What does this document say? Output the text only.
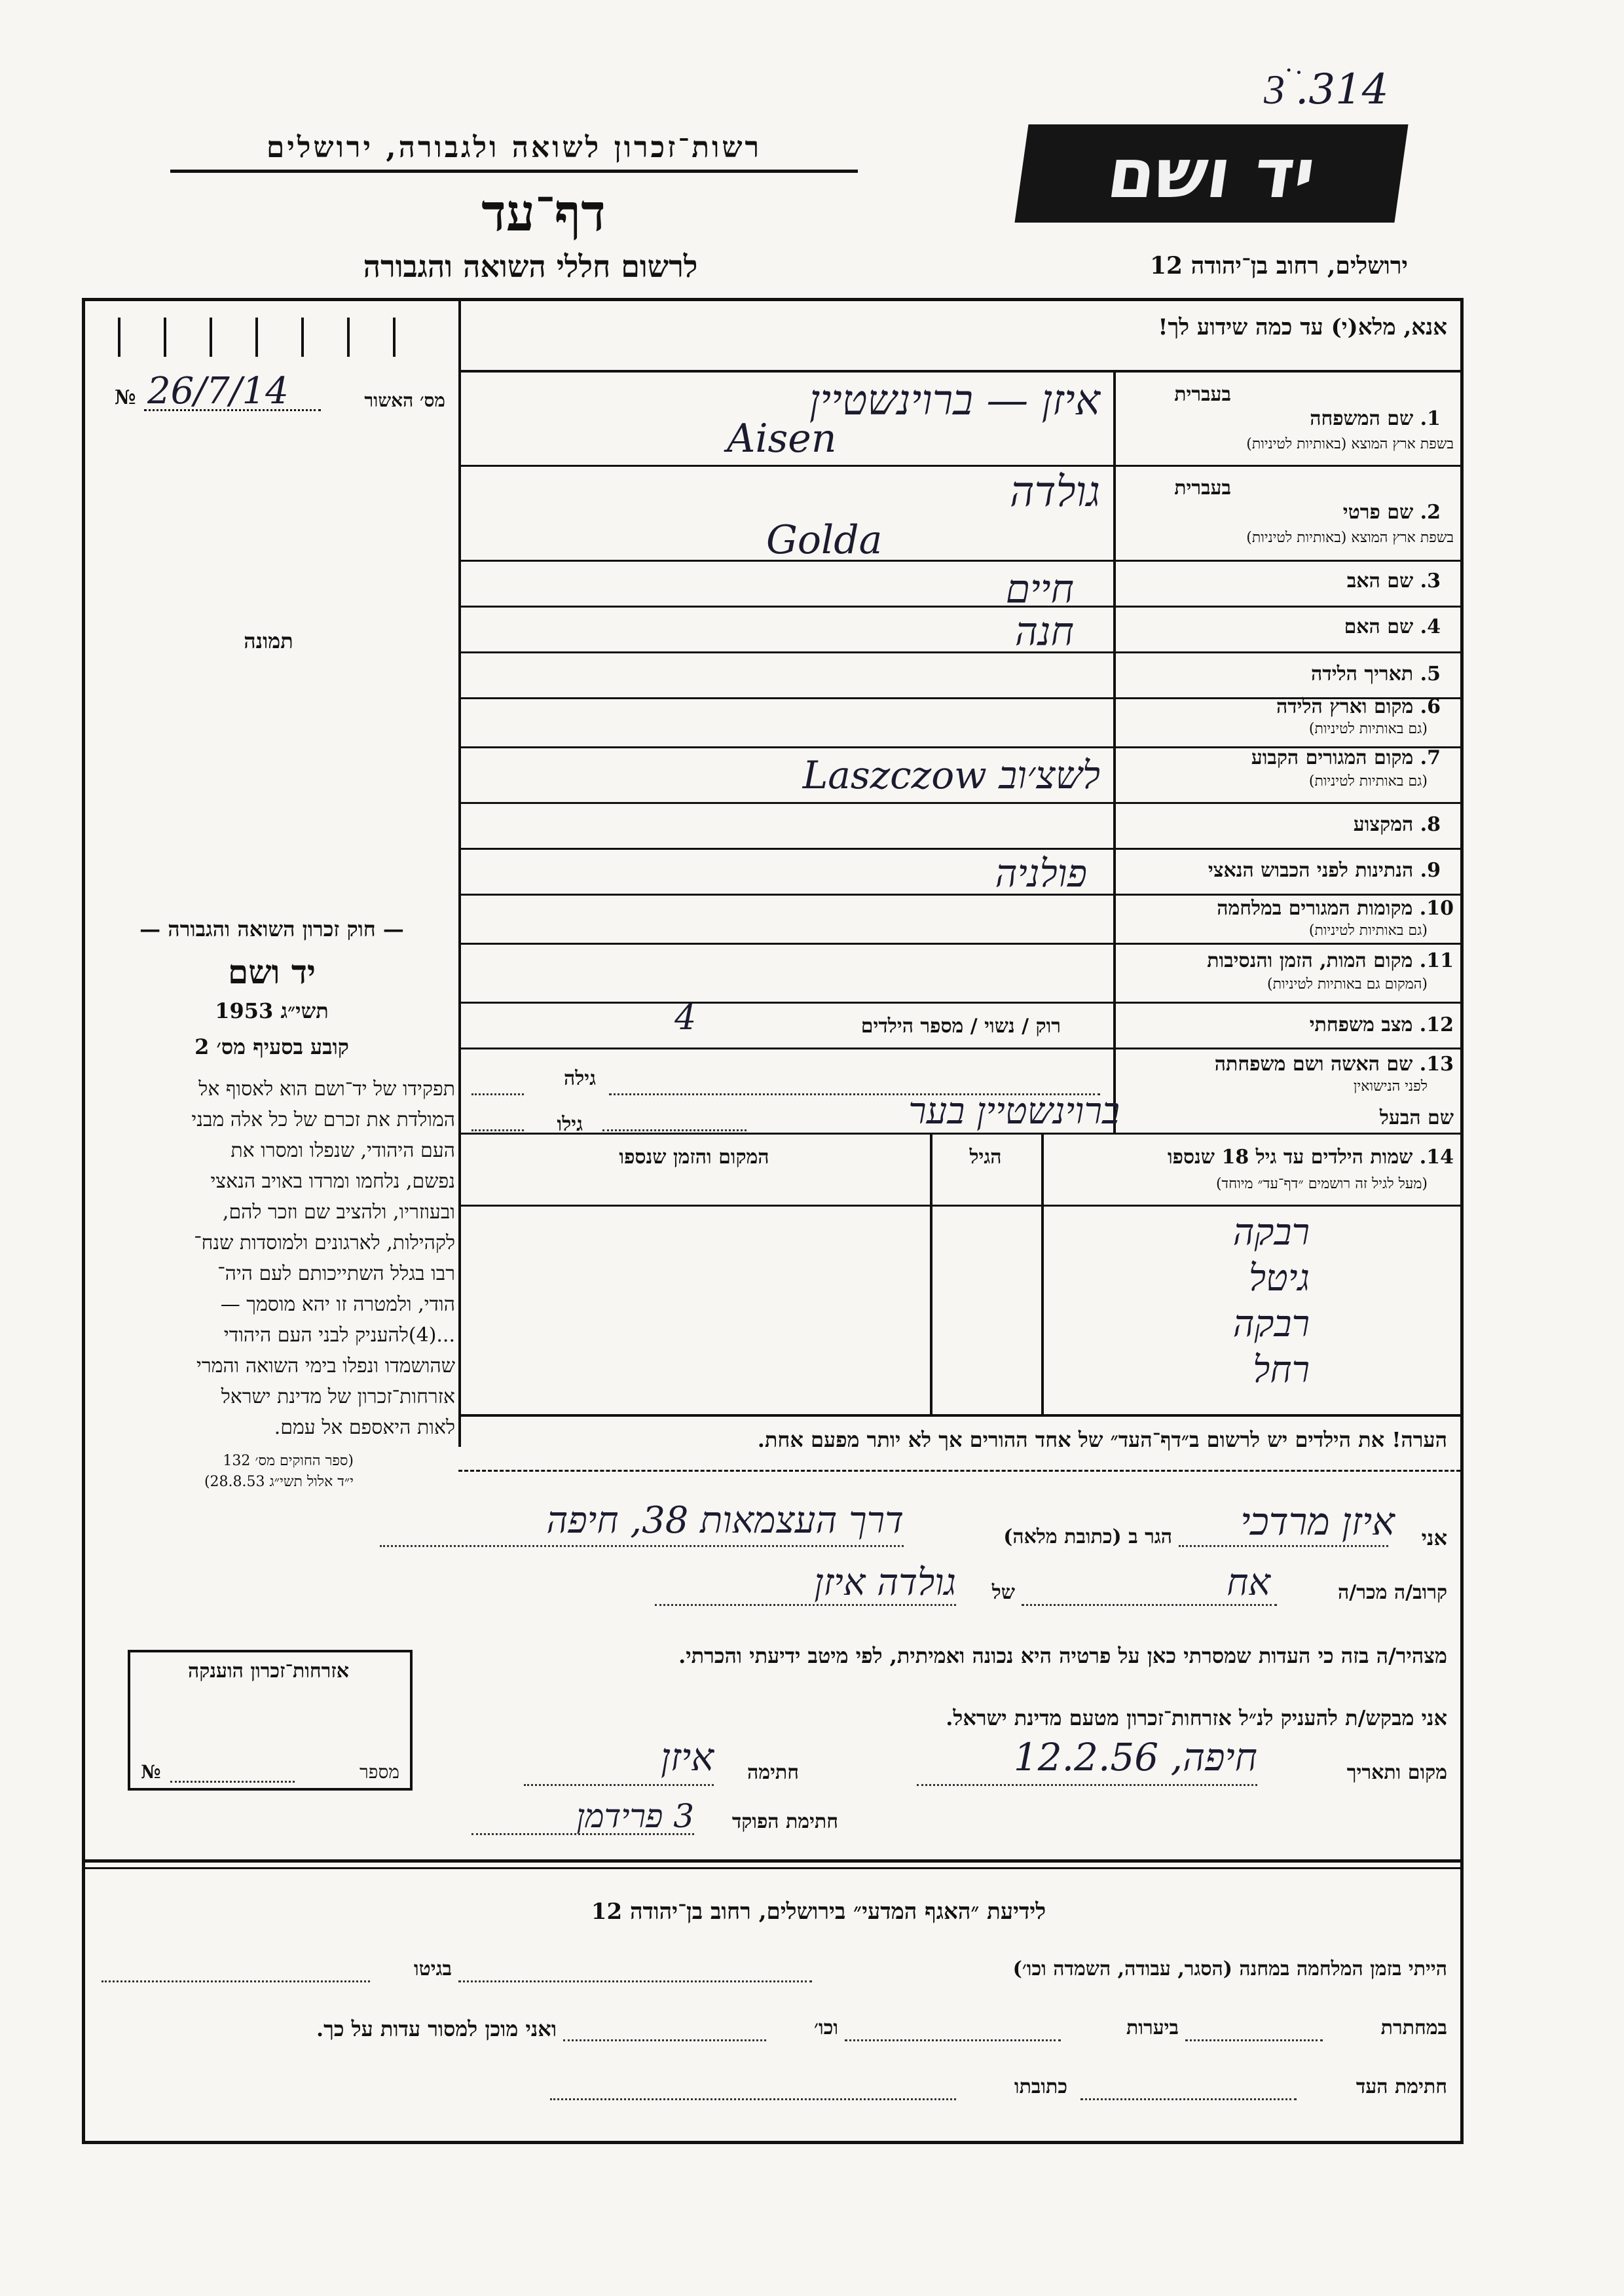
3ׄ ׂ.314
רשות־זכרון לשואה ולגבורה, ירושלים
דף־עד
לרשום חללי השואה והגבורה
יד ושם
ירושלים, רחוב בן־יהודה 12
מס׳ האשור
26/7/14
№
תמונה
— חוק זכרון השואה והגבורה —
יד ושם
תשי״ג 1953
קובע בסעיף מס׳ 2
תפקידו של יד־ושם הוא לאסוף אל
המולדת את זכרם של כל אלה מבני
העם היהודי, שנפלו ומסרו את
נפשם, נלחמו ומרדו באויב הנאצי
ובעוזריו, ולהציב שם וזכר להם,
לקהילות, לארגונים ולמוסדות שנח־
רבו בגלל השתייכותם לעם היה־
הודי, ולמטרה זו יהא מוסמך —
...(4)להעניק לבני העם היהודי
שהושמדו ונפלו בימי השואה והמרי
אזרחות־זכרון של מדינת ישראל
לאות היאספם אל עמם.
(ספר החוקים מס׳ 132
י״ד אלול תשי״ג 28.8.53)
אנא, מלא(י) עד כמה שידוע לך!
בעברית
1. שם המשפחה
בשפת ארץ המוצא (באותיות לטיניות)
איזן — ברוינשטיין
Aisen
בעברית
2. שם פרטי
בשפת ארץ המוצא (באותיות לטיניות)
גולדה
Golda
3. שם האב
חיים
4. שם האם
חנה
5. תאריך הלידה
6. מקום וארץ הלידה
(גם באותיות לטיניות)
7. מקום המגורים הקבוע
(גם באותיות לטיניות)
לשצ׳וב Laszczow
8. המקצוע
9. הנתינות לפני הכבוש הנאצי
פולניה
10. מקומות המגורים במלחמה
(גם באותיות לטיניות)
11. מקום המות, הזמן והנסיבות
(המקום גם באותיות לטיניות)
12. מצב משפחתי
רוק / נשוי / מספר הילדים
4
13. שם האשה ושם משפחתה
לפני הנישואין
גילה
שם הבעל
ברוינשטיין בער
גילו
14. שמות הילדים עד גיל 18 שנספו
(מעל לגיל זה רושמים ״דף־עד״ מיוחד)
הגיל
המקום והזמן שנספו
רבקה
גיטל
רבקה
רחל
הערה! את הילדים יש לרשום ב״דף־העד״ של אחד ההורים אך לא יותר מפעם אחת.
אני
איזן מרדכי
הגר ב (כתובת מלאה)
דרך העצמאות 38, חיפה
קרוב/ה מכר/ה
אח
של
גולדה איזן
מצהיר/ה בזה כי העדות שמסרתי כאן על פרטיה היא נכונה ואמיתית, לפי מיטב ידיעתי והכרתי.
אני מבקש/ת להעניק לנ״ל אזרחות־זכרון מטעם מדינת ישראל.
מקום ותאריך
חיפה, 12.2.56
חתימה
איזן
חתימת הפוקד
3 פרידמן
אזרחות־זכרון הוענקה
מספר
№
לידיעת ״האגף המדעי״ בירושלים, רחוב בן־יהודה 12
הייתי בזמן המלחמה במחנה (הסגר, עבודה, השמדה וכו׳)
בגיטו
במחתרת
ביערות
וכו׳
ואני מוכן למסור עדות על כך.
חתימת העד
כתובתו
